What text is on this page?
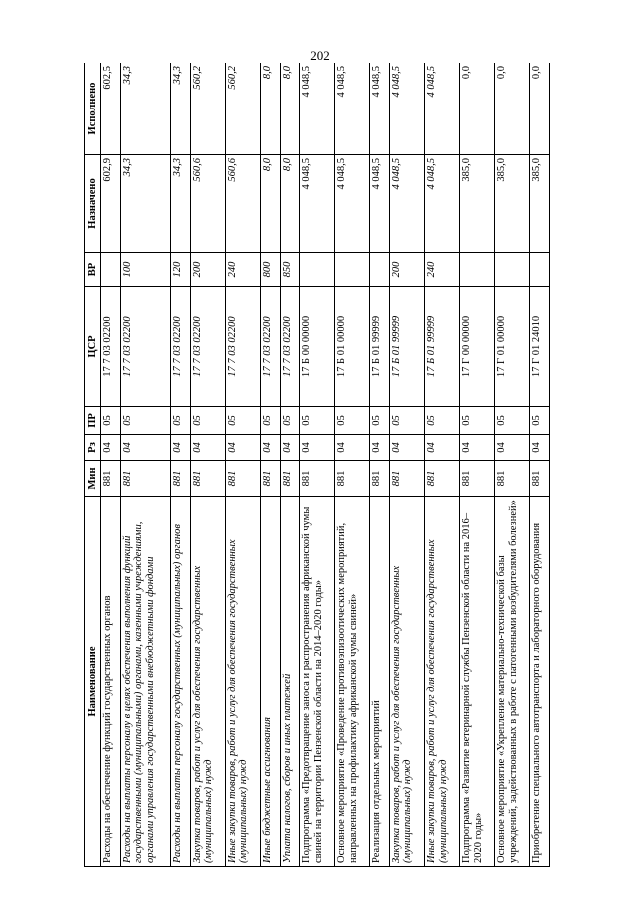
202
Наименование	Мин	Рз	ПР	ЦСР	ВР	Назначено	Исполнено
Расходы на обеспечение функций государственных органов	881	04	05	17 7 03 02200		602,9	602,5
Расходы на выплаты персоналу в целях обеспечения выполнения функций государственными (муниципальными) органами, казенными учреждениями, органами управления государственными внебюджетными фондами	881	04	05	17 7 03 02200	100	34,3	34,3
Расходы на выплаты персоналу государственных (муниципальных) органов	881	04	05	17 7 03 02200	120	34,3	34,3
Закупка товаров, работ и услуг для обеспечения государственных (муниципальных) нужд	881	04	05	17 7 03 02200	200	560,6	560,2
Иные закупки товаров, работ и услуг для обеспечения государственных (муниципальных) нужд	881	04	05	17 7 03 02200	240	560,6	560,2
Иные бюджетные ассигнования	881	04	05	17 7 03 02200	800	8,0	8,0
Уплата налогов, сборов и иных платежей	881	04	05	17 7 03 02200	850	8,0	8,0
Подпрограмма «Предотвращение заноса и распространения африканской чумы свиней на территории Пензенской области на 2014–2020 годы»	881	04	05	17 Б 00 00000		4 048,5	4 048,5
Основное мероприятие «Проведение противоэпизоотических мероприятий, направленных на профилактику африканской чумы свиней»	881	04	05	17 Б 01 00000		4 048,5	4 048,5
Реализация отдельных мероприятий	881	04	05	17 Б 01 99999		4 048,5	4 048,5
Закупка товаров, работ и услуг для обеспечения государственных (муниципальных) нужд	881	04	05	17 Б 01 99999	200	4 048,5	4 048,5
Иные закупки товаров, работ и услуг для обеспечения государственных (муниципальных) нужд	881	04	05	17 Б 01 99999	240	4 048,5	4 048,5
Подпрограмма «Развитие ветеринарной службы Пензенской области на 2016–2020 годы»	881	04	05	17 Г 00 00000		385,0	0,0
Основное мероприятие «Укрепление материально-технической базы учреждений, задействованных в работе с патогенными возбудителями болезней»	881	04	05	17 Г 01 00000		385,0	0,0
Приобретение специального автотранспорта и лабораторного оборудования	881	04	05	17 Г 01 24010		385,0	0,0
